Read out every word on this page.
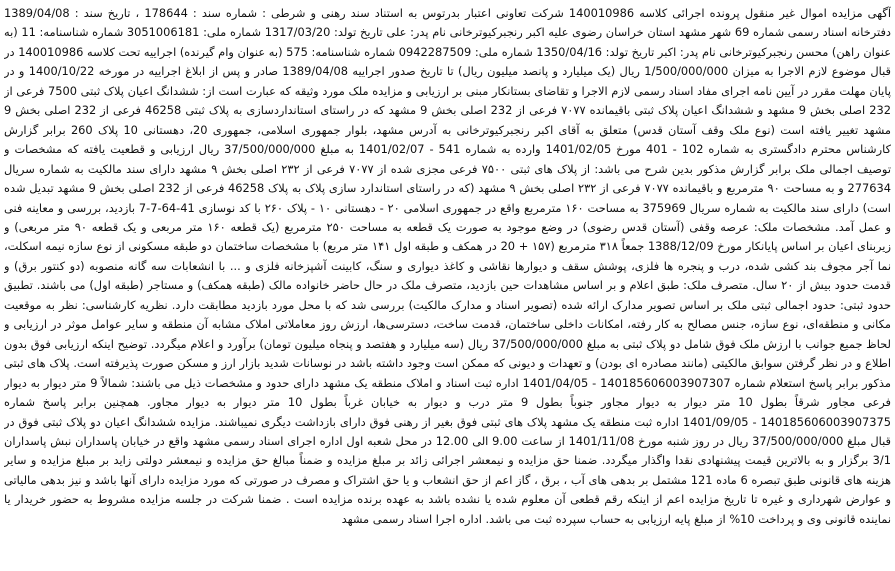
آگهی مزایده اموال غیر منقول پرونده اجرائی کلاسه 140010986 شرکت تعاونی اعتبار بدرتوس به استناد سند رهنی و شرطی : شماره سند : 178644 ، تاریخ سند : 1389/04/08 دفترخانه اسناد رسمی شماره 69 شهر مشهد استان خراسان رضوی علیه اکبر رنجبرکیوترخانی نام پدر: علی تاریخ تولد: 1317/03/20 شماره ملی: 3051006181 شماره شناسنامه: 11 (به عنوان راهن) محسن رنجبرکیوترخانی نام پدر: اکبر تاریخ تولد: 1350/04/16 شماره ملی: 0942287509 شماره شناسنامه: 575 (به عنوان وام گیرنده) اجراییه تحت کلاسه 140010986 در قبال موضوع لازم الاجرا به میزان 1/500/000/000 ریال (یک میلیارد و پانصد میلیون ریال) تا تاریخ صدور اجراییه 1389/04/08 صادر و پس از ابلاغ اجراییه در مورخه 1400/10/22 و در پایان مهلت مقرر در آیین نامه اجرای مفاد اسناد رسمی لازم الاجرا و تقاضای بستانکار مبنی بر ارزیابی و مزایده ملک مورد وثیقه که عبارت است از: ششدانگ اعیان پلاک ثبتی 7500 فرعی از 232 اصلی بخش 9 مشهد و ششدانگ اعیان پلاک ثبتی باقیمانده ۷۰۷۷ فرعی از 232 اصلی بخش 9 مشهد که در راستای استانداردسازی به پلاک ثبتی 46258 فرعی از 232 اصلی بخش 9 مشهد تغییر یافته است (نوع ملک وقف آستان قدس) متعلق به آقای اکبر رنجبرکیوترخانی به آدرس مشهد، بلوار جمهوری اسلامی، جمهوری 20، دهستانی 10 پلاک 260 برابر گزارش کارشناس محترم دادگستری به شماره 102 - 401 مورخ 1401/02/05 وارده به شماره 541 - 1401/02/07 به مبلغ 37/500/000/000 ریال ارزیابی و قطعیت یافته که مشخصات و توصیف اجمالی ملک برابر گزارش مذکور بدین شرح می باشد: از پلاک های ثبتی ۷۵۰۰ فرعی مجزی شده از ۷۰۷۷ فرعی از ۲۳۲ اصلی بخش ۹ مشهد دارای سند مالکیت به شماره سریال 277634 و به مساحت ۹۰ مترمربع و باقیمانده ۷۰۷۷ فرعی از ۲۳۲ اصلی بخش ۹ مشهد (که در راستای استاندارد سازی پلاک به پلاک 46258 فرعی از 232 اصلی بخش 9 مشهد تبدیل شده است) دارای سند مالکیت به شماره سریال 375969 به مساحت ۱۶۰ مترمربع واقع در جمهوری اسلامی ۲۰ - دهستانی ۱۰ - پلاک ۲۶۰ با کد نوسازی 41-64-7-7 بازدید، بررسی و معاینه فنی و عمل آمد. مشخصات ملک: عرصه وقفی (آستان قدس رضوی) در وضع موجود به صورت یک قطعه به مساحت ۲۵۰ مترمربع (یک قطعه ۱۶۰ متر مربعی و یک قطعه ۹۰ متر مربعی) و زیربنای اعیان بر اساس پایانکار مورخ 1388/12/09 جمعاً ۳۱۸ مترمربع (۱۵۷ + 20 در همکف و طبقه اول ۱۴۱ متر مربع) با مشخصات ساختمان دو طبقه مسکونی از نوع سازه نیمه اسکلت، نما آجر مجوف بند کشی شده، درب و پنجره ها فلزی، پوشش سقف و دیوارها نقاشی و کاغذ دیواری و سنگ، کابینت آشپزخانه فلزی و ... با انشعابات سه گانه منصوبه (دو کنتور برق) و قدمت حدود بیش از ۲۰ سال. متصرف ملک: طبق اعلام و بر اساس مشاهدات حین بازدید، متصرف ملک در حال حاضر خانواده مالک (طبقه همکف) و مستاجر (طبقه اول) می باشند. تطبیق حدود ثبتی: حدود اجمالی ثبتی ملک بر اساس تصویر مدارک ارائه شده (تصویر اسناد و مدارک مالکیت) بررسی شد که با محل مورد بازدید مطابقت دارد. نظریه کارشناسی: نظر به موقعیت مکانی و منطقه‌ای، نوع سازه، جنس مصالح به کار رفته، امکانات داخلی ساختمان، قدمت ساخت، دسترسی‌ها، ارزش روز معاملاتی املاک مشابه آن منطقه و سایر عوامل موثر در ارزیابی و لحاظ جمیع جوانب با ارزش ملک فوق شامل دو پلاک ثبتی به مبلغ 37/500/000/000 ریال (سه میلیارد و هفتصد و پنجاه میلیون تومان) برآورد و اعلام میگردد. توضیح اینکه ارزیابی فوق بدون اطلاع و در نظر گرفتن سوابق مالکیتی (مانند مصادره ای بودن) و تعهدات و دیونی که ممکن است وجود داشته باشد در نوسانات شدید بازار ارز و مسکن صورت پذیرفته است. پلاک های ثبتی مذکور برابر پاسخ استعلام شماره 140185606003907307 - 1401/04/05 اداره ثبت اسناد و املاک منطقه یک مشهد دارای حدود و مشخصات ذیل می باشند: شمالاً 9 متر دیوار به دیوار فرعی مجاور شرقاً بطول 10 متر دیوار به دیوار مجاور جنوباً بطول 9 متر درب و دیوار به خیابان غرباً بطول 10 متر دیوار به دیوار مجاور. همچنین برابر پاسخ شماره 140185606003907375 - 1401/09/05 اداره ثبت منطقه یک مشهد پلاک های ثبتی فوق بغیر از رهنی فوق دارای بازداشت دیگری نمیباشند. مزایده ششدانگ اعیان دو پلاک ثبتی فوق در قبال مبلغ 37/500/000/000 ریال در روز شنبه مورخ 1401/11/08 از ساعت 9.00 الی 12.00 در محل شعبه اول اداره اجرای اسناد رسمی مشهد واقع در خیابان پاسداران نبش پاسداران 3/1 برگزار و به بالاترین قیمت پیشنهادی نقدا واگذار میگردد. ضمنا حق مزایده و نیمعشر اجرائی زائد بر مبلغ مزایده و ضمناً مبالغ حق مزایده و نیمعشر دولتی زاید بر مبلغ مزایده و سایر هزینه های قانونی طبق تبصره 6 ماده 121 مشتمل بر بدهی های آب ، برق ، گاز اعم از حق انشعاب و یا حق اشتراک و مصرف در صورتی که مورد مزایده دارای آنها باشد و نیز بدهی مالیاتی و عوارض شهرداری و غیره تا تاریخ مزایده اعم از اینکه رقم قطعی آن معلوم شده یا نشده باشد به عهده برنده مزایده است . ضمنا شرکت در جلسه مزایده مشروط به حضور خریدار یا نماینده قانونی وی و پرداخت 10% از مبلغ پایه ارزیابی به حساب سپرده ثبت می باشد. اداره اجرا اسناد رسمی مشهد
